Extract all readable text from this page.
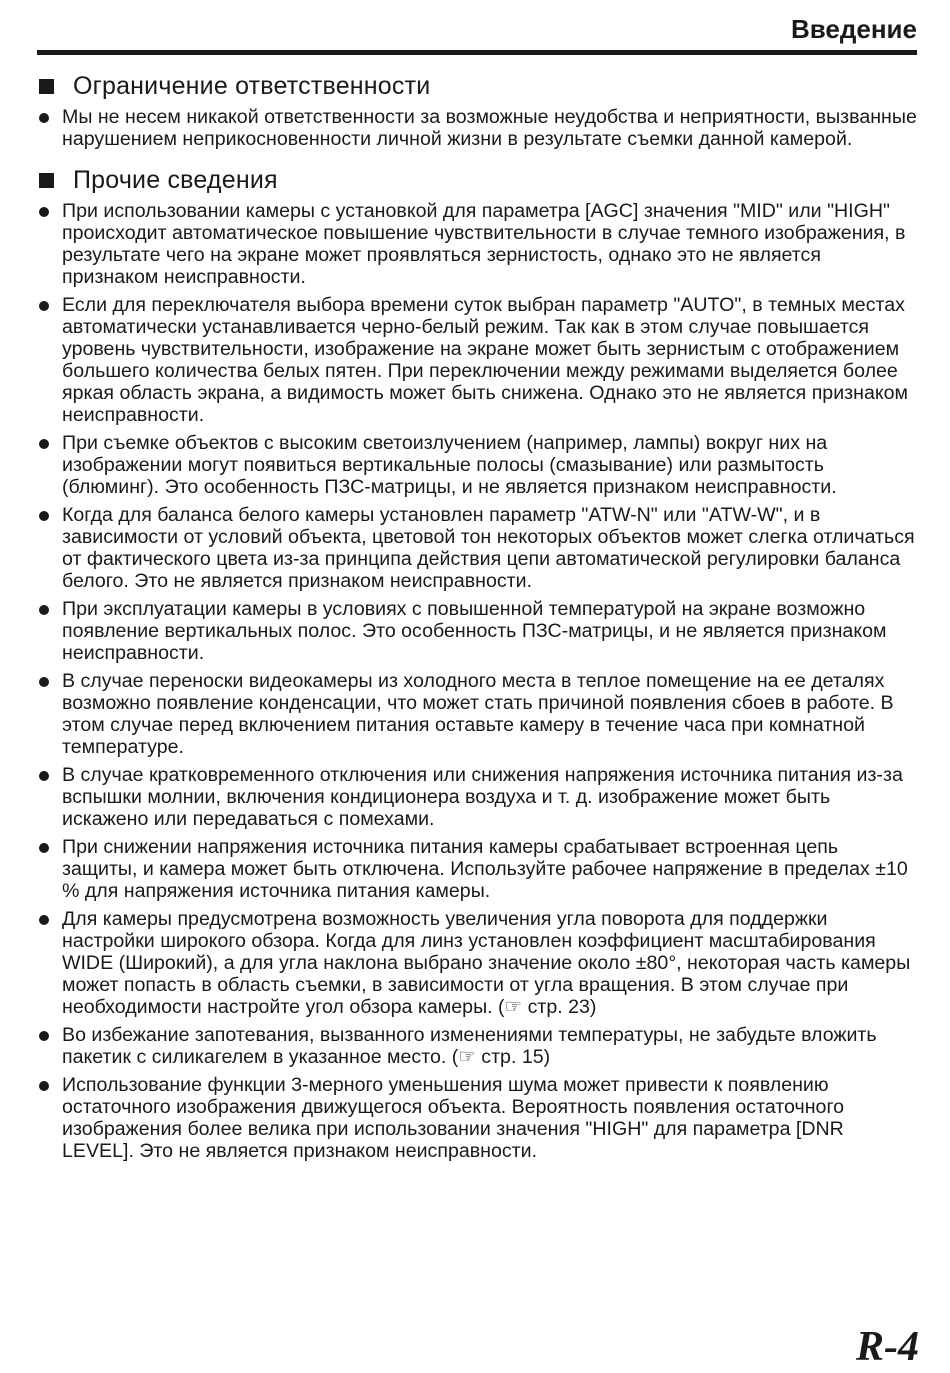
Введение
Ограничение ответственности
Мы не несем никакой ответственности за возможные неудобства и неприятности, вызванные нарушением неприкосновенности личной жизни в результате съемки данной камерой.
Прочие сведения
При использовании камеры с установкой для параметра [AGC] значения "MID" или "HIGH" происходит автоматическое повышение чувствительности в случае темного изображения, в результате чего на экране может проявляться зернистость, однако это не является признаком неисправности.
Если для переключателя выбора времени суток выбран параметр "AUTO", в темных местах автоматически устанавливается черно-белый режим. Так как в этом случае повышается уровень чувствительности, изображение на экране может быть зернистым с отображением большего количества белых пятен. При переключении между режимами выделяется более яркая область экрана, а видимость может быть снижена. Однако это не является признаком неисправности.
При съемке объектов с высоким светоизлучением (например, лампы) вокруг них на изображении могут появиться вертикальные полосы (смазывание) или размытость (блюминг). Это особенность ПЗС-матрицы, и не является признаком неисправности.
Когда для баланса белого камеры установлен параметр "ATW-N" или "ATW-W", и в зависимости от условий объекта, цветовой тон некоторых объектов может слегка отличаться от фактического цвета из-за принципа действия цепи автоматической регулировки баланса белого. Это не является признаком неисправности.
При эксплуатации камеры в условиях с повышенной температурой на экране возможно появление вертикальных полос. Это особенность ПЗС-матрицы, и не является признаком неисправности.
В случае переноски видеокамеры из холодного места в теплое помещение на ее деталях возможно появление конденсации, что может стать причиной появления сбоев в работе. В этом случае перед включением питания оставьте камеру в течение часа при комнатной температуре.
В случае кратковременного отключения или снижения напряжения источника питания из-за вспышки молнии, включения кондиционера воздуха и т. д. изображение может быть искажено или передаваться с помехами.
При снижении напряжения источника питания камеры срабатывает встроенная цепь защиты, и камера может быть отключена. Используйте рабочее напряжение в пределах ±10 % для напряжения источника питания камеры.
Для камеры предусмотрена возможность увеличения угла поворота для поддержки настройки широкого обзора. Когда для линз установлен коэффициент масштабирования WIDE (Широкий), а для угла наклона выбрано значение около ±80°, некоторая часть камеры может попасть в область съемки, в зависимости от угла вращения. В этом случае при необходимости настройте угол обзора камеры. (☞ стр. 23)
Во избежание запотевания, вызванного изменениями температуры, не забудьте вложить пакетик с силикагелем в указанное место. (☞ стр. 15)
Использование функции 3-мерного уменьшения шума может привести к появлению остаточного изображения движущегося объекта. Вероятность появления остаточного изображения более велика при использовании значения "HIGH" для параметра [DNR LEVEL]. Это не является признаком неисправности.
R-4
